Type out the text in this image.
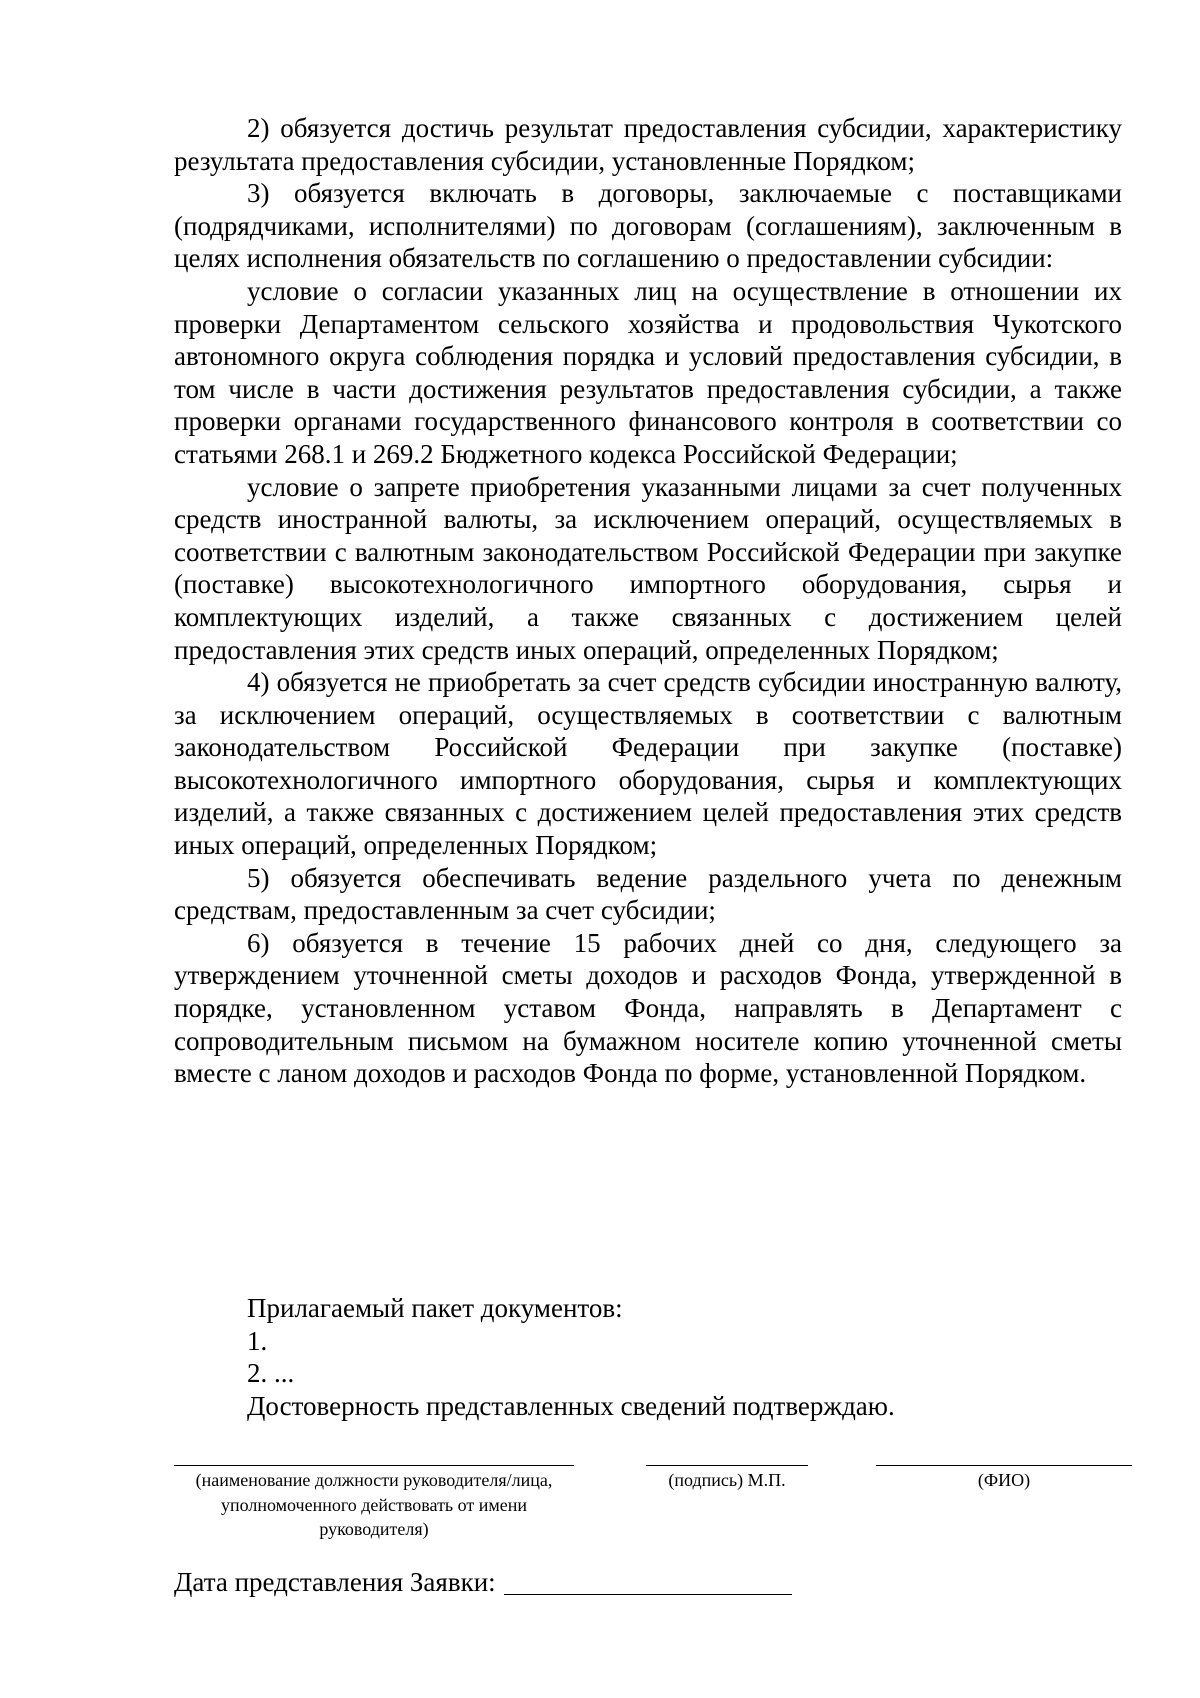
2) обязуется достичь результат предоставления субсидии, характеристику результата предоставления субсидии, установленные Порядком;

3) обязуется включать в договоры, заключаемые с поставщиками (подрядчиками, исполнителями) по договорам (соглашениям), заключенным в целях исполнения обязательств по соглашению о предоставлении субсидии:

условие о согласии указанных лиц на осуществление в отношении их проверки Департаментом сельского хозяйства и продовольствия Чукотского автономного округа соблюдения порядка и условий предоставления субсидии, в том числе в части достижения результатов предоставления субсидии, а также проверки органами государственного финансового контроля в соответствии со статьями 268.1 и 269.2 Бюджетного кодекса Российской Федерации;

условие о запрете приобретения указанными лицами за счет полученных средств иностранной валюты, за исключением операций, осуществляемых в соответствии с валютным законодательством Российской Федерации при закупке (поставке) высокотехнологичного импортного оборудования, сырья и комплектующих изделий, а также связанных с достижением целей предоставления этих средств иных операций, определенных Порядком;

4) обязуется не приобретать за счет средств субсидии иностранную валюту, за исключением операций, осуществляемых в соответствии с валютным законодательством Российской Федерации при закупке (поставке) высокотехнологичного импортного оборудования, сырья и комплектующих изделий, а также связанных с достижением целей предоставления этих средств иных операций, определенных Порядком;

5) обязуется обеспечивать ведение раздельного учета по денежным средствам, предоставленным за счет субсидии;

6) обязуется в течение 15 рабочих дней со дня, следующего за утверждением уточненной сметы доходов и расходов Фонда, утвержденной в порядке, установленном уставом Фонда, направлять в Департамент с сопроводительным письмом на бумажном носителе копию уточненной сметы вместе с ланом доходов и расходов Фонда по форме, установленной Порядком.

Прилагаемый пакет документов:
1.
2. ...
Достоверность представленных сведений подтверждаю.
(наименование должности руководителя/лица, уполномоченного действовать от имени руководителя)
(подпись) М.П.	(ФИО)
Дата представления Заявки:
